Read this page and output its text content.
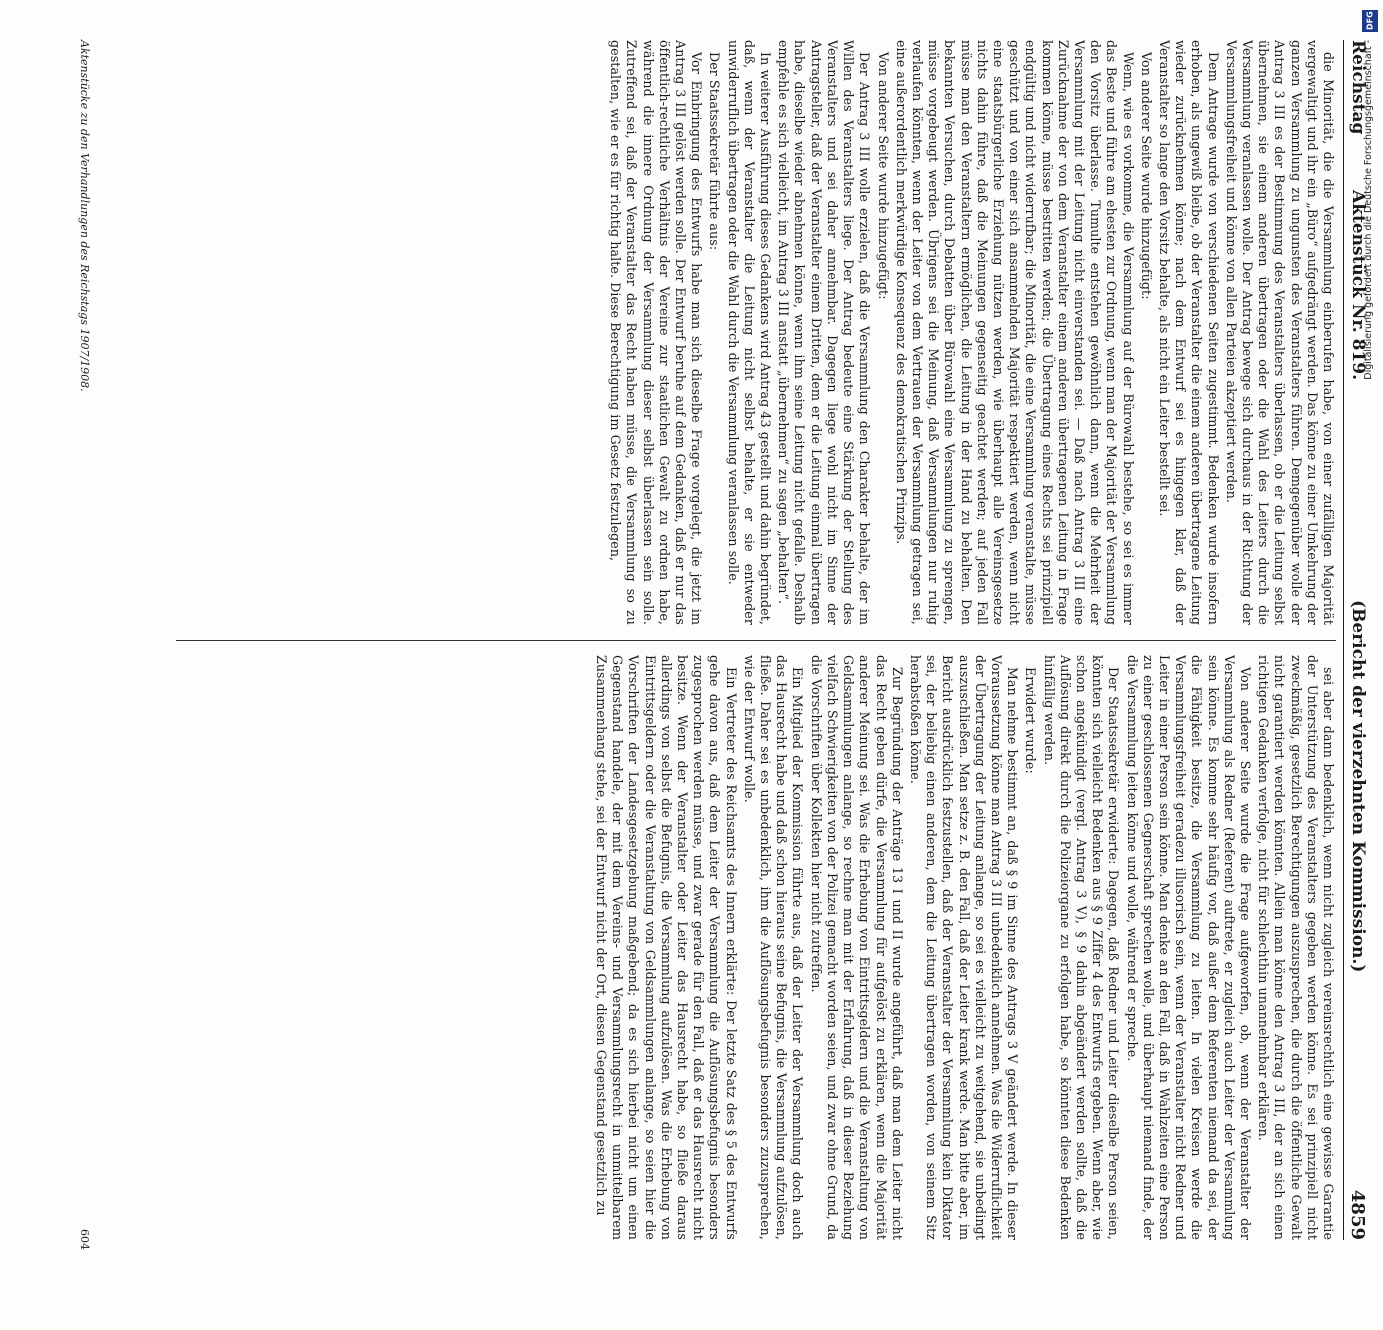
Reichstag
Aktenstück Nr. 819.
(Bericht der vierzehnten Kommission.)
4859

die Minorität, die die Versammlung einberufen habe, von einer zufälligen Majorität vergewaltigt und ihr ein „Büro“ aufgedrängt werden. Das könne zu einer Umkehrung der ganzen Versammlung zu ungunsten des Veranstalters führen. Demgegenüber wolle der Antrag 3 III es der Bestimmung des Veranstalters überlassen, ob er die Leitung selbst übernehmen, sie einem anderen übertragen oder die Wahl des Leiters durch die Versammlung veranlassen wolle. Der Antrag bewege sich durchaus in der Richtung der Versammlungsfreiheit und könne von allen Parteien akzeptiert werden.

Dem Antrage wurde von verschiedenen Seiten zugestimmt. Bedenken wurde insofern erhoben, als ungewiß bleibe, ob der Veranstalter die einem anderen übertragene Leitung wieder zurücknehmen könne; nach dem Entwurf sei es hingegen klar, daß der Veranstalter so lange den Vorsitz behalte, als nicht ein Leiter bestellt sei.

Von anderer Seite wurde hinzugefügt:

Wenn, wie es vorkomme, die Versammlung auf der Bürowahl bestehe, so sei es immer das Beste und führe am ehesten zur Ordnung, wenn man der Majorität der Versammlung den Vorsitz überlasse. Tumulte entstehen gewöhnlich dann, wenn die Mehrheit der Versammlung mit der Leitung nicht einverstanden sei. — Daß nach Antrag 3 III eine Zurücknahme der von dem Veranstalter einem anderen übertragenen Leitung in Frage kommen könne, müsse bestritten werden; die Übertragung eines Rechts sei prinzipiell endgültig und nicht widerrufbar; die Minorität, die eine Versammlung veranstalte, müsse geschützt und von einer sich ansammelnden Majorität respektiert werden, wenn nicht eine staatsbürgerliche Erziehung nützen werden, wie überhaupt alle Vereinsgesetze nichts dahin führe, daß die Meinungen gegenseitig geachtet werden; auf jeden Fall müsse man den Veranstaltern ermöglichen, die Leitung in der Hand zu behalten. Den bekannten Versuchen, durch Debatten über Bürowahl eine Versammlung zu sprengen, müsse vorgebeugt werden. Übrigens sei die Meinung, daß Versammlungen nur ruhig verlaufen könnten, wenn der Leiter von dem Vertrauen der Versammlung getragen sei, eine außerordentlich merkwürdige Konsequenz des demokratischen Prinzips.

Von anderer Seite wurde hinzugefügt:

Der Antrag 3 III wolle erzielen, daß die Versammlung den Charakter behalte, der im Willen des Veranstalters liege. Der Antrag bedeute eine Stärkung der Stellung des Veranstalters und sei daher annehmbar. Dagegen liege wohl nicht im Sinne der Antragsteller, daß der Veranstalter einem Dritten, dem er die Leitung einmal übertragen habe, dieselbe wieder abnehmen könne, wenn ihm seine Leitung nicht gefalle. Deshalb empfehle es sich vielleicht, im Antrag 3 III anstatt „übernehmen“ zu sagen „behalten“.

In weiterer Ausführung dieses Gedankens wird Antrag 43 gestellt und dahin begründet, daß, wenn der Veranstalter die Leitung nicht selbst behalte, er sie entweder unwiderruflich übertragen oder die Wahl durch die Versammlung veranlassen solle.

Der Staatssekretär führte aus:

Vor Einbringung des Entwurfs habe man sich dieselbe Frage vorgelegt, die jetzt im Antrag 3 III gelöst werden solle. Der Entwurf beruhe auf dem Gedanken, daß er nur das öffentlich-rechtliche Verhältnis der Vereine zur staatlichen Gewalt zu ordnen habe, während die innere Ordnung der Versammlung dieser selbst überlassen sein solle. Zutreffend sei, daß der Veranstalter das Recht haben müsse, die Versammlung so zu gestalten, wie er es für richtig halte. Diese Berechtigung im Gesetz festzulegen,

sei aber dann bedenklich, wenn nicht zugleich vereinsrechtlich eine gewisse Garantie der Unterstützung des Veranstalters gegeben werden könne. Es sei prinzipiell nicht zweckmäßig, gesetzlich Berechtigungen auszusprechen, die durch die öffentliche Gewalt nicht garantiert werden könnten. Allein man könne den Antrag 3 III, der an sich einen richtigen Gedanken verfolge, nicht für schlechthin unannehmbar erklären.

Von anderer Seite wurde die Frage aufgeworfen, ob, wenn der Veranstalter der Versammlung als Redner (Referent) auftrete, er zugleich auch Leiter der Versammlung sein könne. Es komme sehr häufig vor, daß außer dem Referenten niemand da sei, der die Fähigkeit besitze, die Versammlung zu leiten. In vielen Kreisen werde die Versammlungsfreiheit geradezu illusorisch sein, wenn der Veranstalter nicht Redner und Leiter in einer Person sein könne. Man denke an den Fall, daß in Wahlzeiten eine Person zu einer geschlossenen Gegnerschaft sprechen wolle, und überhaupt niemand finde, der die Versammlung leiten könne und wolle, während er spreche.

Der Staatssekretär erwiderte: Dagegen, daß Redner und Leiter dieselbe Person seien, könnten sich vielleicht Bedenken aus § 9 Ziffer 4 des Entwurfs ergeben. Wenn aber, wie schon angekündigt (vergl. Antrag 3 V), § 9 dahin abgeändert werden sollte, daß die Auflösung direkt durch die Polizeiorgane zu erfolgen habe, so könnten diese Bedenken hinfällig werden.

Erwidert wurde:

Man nehme bestimmt an, daß § 9 im Sinne des Antrags 3 V geändert werde. In dieser Voraussetzung könne man Antrag 3 III unbedenklich annehmen. Was die Widerruflichkeit der Übertragung der Leitung anlange, so sei es vielleicht zu weitgehend, sie unbedingt auszuschließen. Man setze z. B. den Fall, daß der Leiter krank werde. Man bitte aber, im Bericht ausdrücklich festzustellen, daß der Veranstalter der Versammlung kein Diktator sei, der beliebig einen anderen, dem die Leitung übertragen worden, von seinem Sitz herabstoßen könne.

Zur Begründung der Anträge 13 I und II wurde angeführt, daß man dem Leiter nicht das Recht geben dürfe, die Versammlung für aufgelöst zu erklären, wenn die Majorität anderer Meinung sei. Was die Erhebung von Eintrittsgeldern und die Veranstaltung von Geldsammlungen anlange, so rechne man mit der Erfahrung, daß in dieser Beziehung vielfach Schwierigkeiten von der Polizei gemacht worden seien, und zwar ohne Grund, da die Vorschriften über Kollekten hier nicht zutreffen.

Ein Mitglied der Kommission führte aus, daß der Leiter der Versammlung doch auch das Hausrecht habe und daß schon hieraus seine Befugnis, die Versammlung aufzulösen, fließe. Daher sei es unbedenklich, ihm die Auflösungsbefugnis besonders zuzusprechen, wie der Entwurf wolle.

Ein Vertreter des Reichsamts des Innern erklärte: Der letzte Satz des § 5 des Entwurfs gehe davon aus, daß dem Leiter der Versammlung die Auflösungsbefugnis besonders zugesprochen werden müsse, und zwar gerade für den Fall, daß er das Hausrecht nicht besitze. Wenn der Veranstalter oder Leiter das Hausrecht habe, so fließe daraus allerdings von selbst die Befugnis, die Versammlung aufzulösen. Was die Erhebung von Eintrittsgeldern oder die Veranstaltung von Geldsammlungen anlange, so seien hier die Vorschriften der Landesgesetzgebung maßgebend; da es sich hierbei nicht um einen Gegenstand handele, der mit dem Vereins- und Versammlungsrecht in unmittelbarem Zusammenhang stehe, sei der Entwurf nicht der Ort, diesen Gegenstand gesetzlich zu

Aktenstücke zu den Verhandlungen des Reichstags 1907/1908.
604
DFG
Digitalisierung gefördert durch die Deutsche Forschungsgemeinschaft -
